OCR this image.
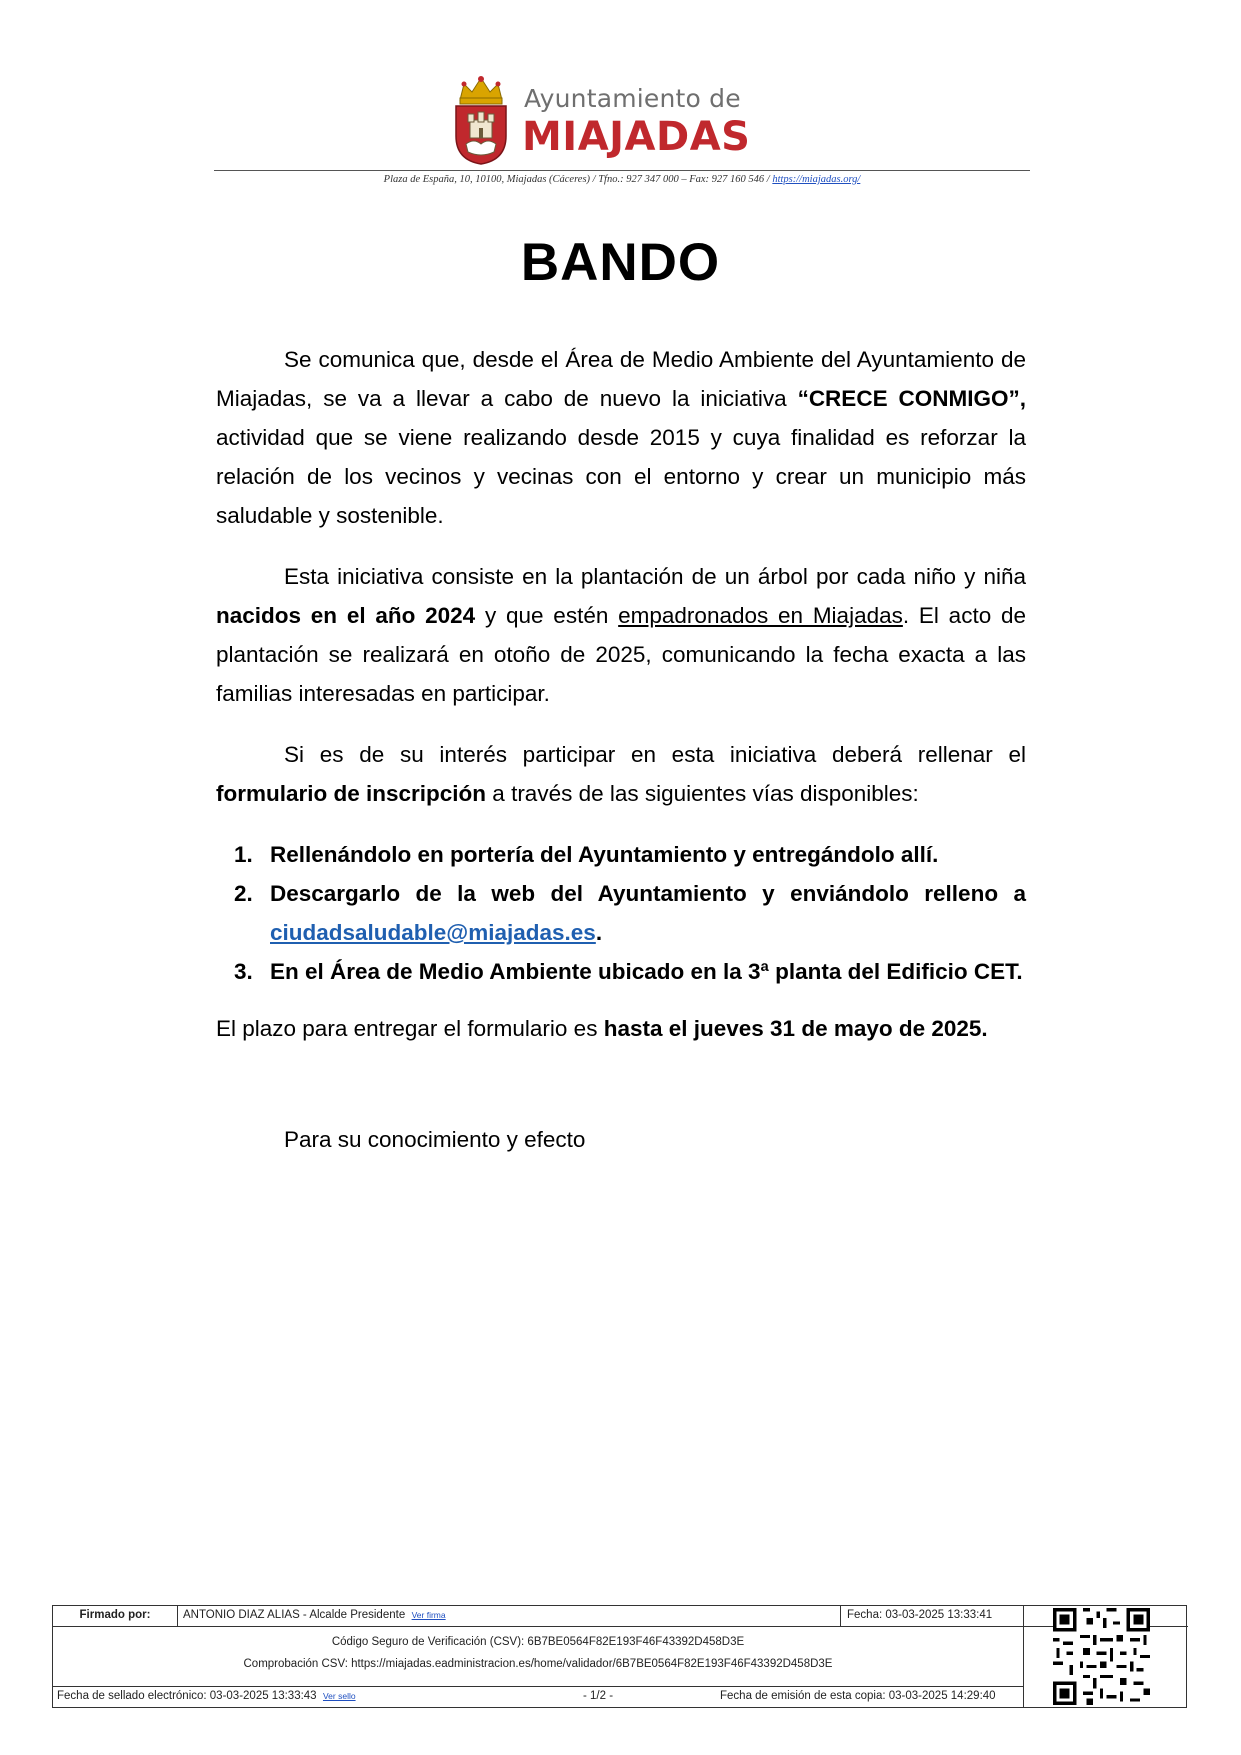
Ayuntamiento de
MIAJADAS
Plaza de España, 10, 10100, Miajadas (Cáceres) / Tfno.: 927 347 000 – Fax: 927 160 546 / https://miajadas.org/
BANDO

Se comunica que, desde el Área de Medio Ambiente del Ayuntamiento de Miajadas, se va a llevar a cabo de nuevo la iniciativa “CRECE CONMIGO”, actividad que se viene realizando desde 2015 y cuya finalidad es reforzar la relación de los vecinos y vecinas con el entorno y crear un municipio más saludable y sostenible.

Esta iniciativa consiste en la plantación de un árbol por cada niño y niña nacidos en el año 2024 y que estén empadronados en Miajadas. El acto de plantación se realizará en otoño de 2025, comunicando la fecha exacta a las familias interesadas en participar.

Si es de su interés participar en esta iniciativa deberá rellenar el formulario de inscripción a través de las siguientes vías disponibles:

1. Rellenándolo en portería del Ayuntamiento y entregándolo allí.
2. Descargarlo de la web del Ayuntamiento y enviándolo relleno a ciudadsaludable@miajadas.es.
3. En el Área de Medio Ambiente ubicado en la 3ª planta del Edificio CET.

El plazo para entregar el formulario es hasta el jueves 31 de mayo de 2025.

Para su conocimiento y efecto

Firmado por:	ANTONIO DIAZ ALIAS - Alcalde Presidente Ver firma	Fecha: 03-03-2025 13:33:41
Código Seguro de Verificación (CSV): 6B7BE0564F82E193F46F43392D458D3E
Comprobación CSV: https://miajadas.eadministracion.es/home/validador/6B7BE0564F82E193F46F43392D458D3E
Fecha de sellado electrónico: 03-03-2025 13:33:43 Ver sello	- 1/2 -	Fecha de emisión de esta copia: 03-03-2025 14:29:40
